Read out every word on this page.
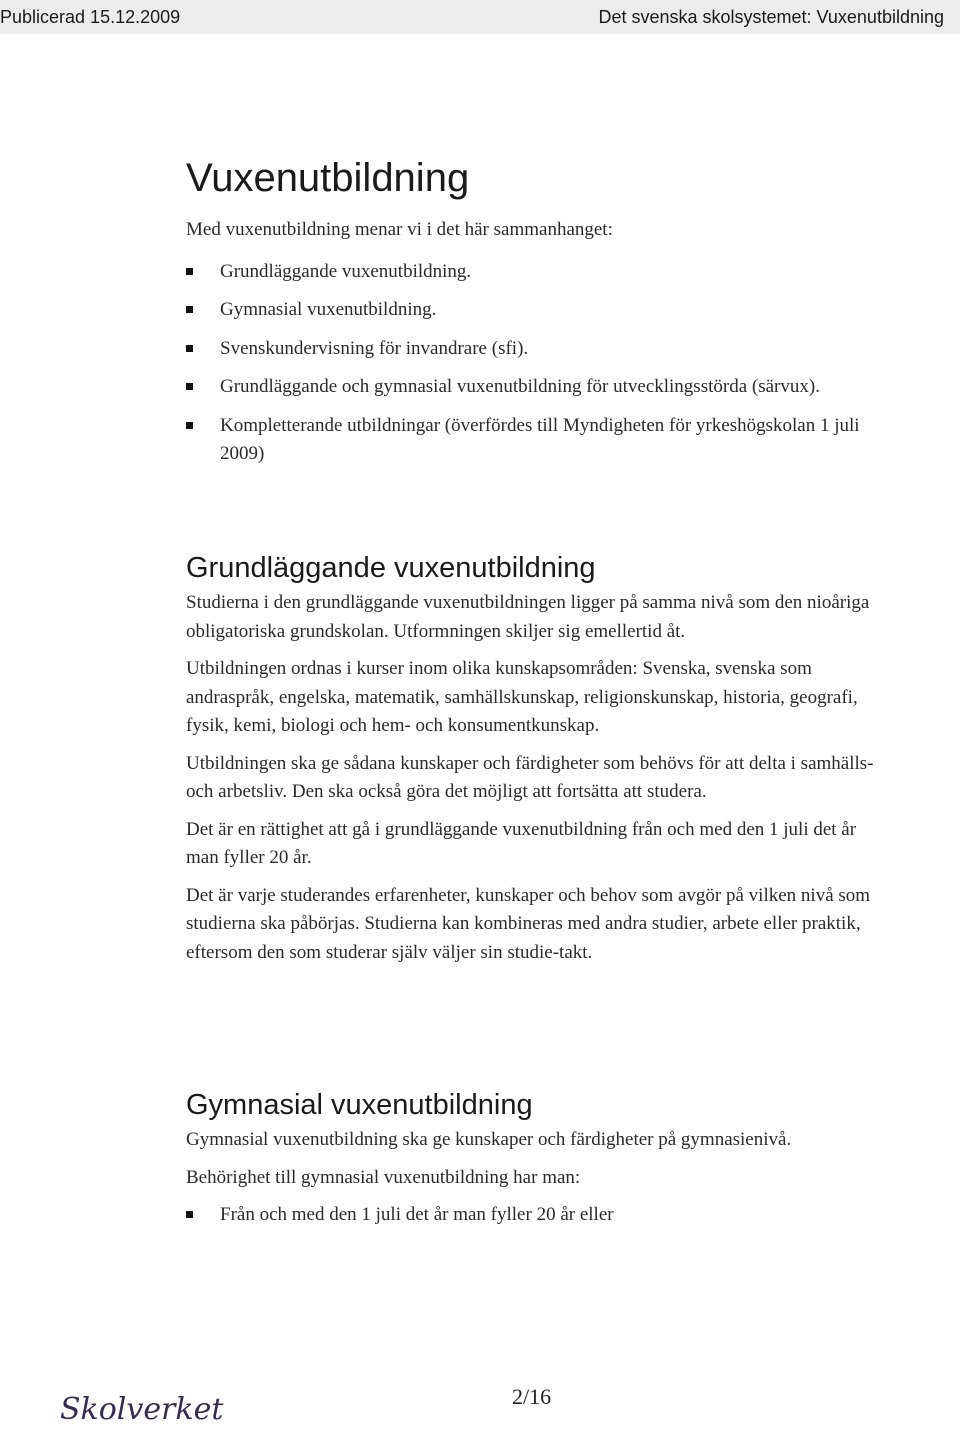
Publicerad 15.12.2009	Det svenska skolsystemet: Vuxenutbildning
Vuxenutbildning

Med vuxenutbildning menar vi i det här sammanhanget:

Grundläggande vuxenutbildning.
Gymnasial vuxenutbildning.
Svenskundervisning för invandrare (sfi).
Grundläggande och gymnasial vuxenutbildning för utvecklingsstörda (särvux).
Kompletterande utbildningar (överfördes till Myndigheten för yrkeshögskolan 1 juli 2009)
Grundläggande vuxenutbildning

Studierna i den grundläggande vuxenutbildningen ligger på samma nivå som den nioåriga obligatoriska grundskolan. Utformningen skiljer sig emellertid åt.

Utbildningen ordnas i kurser inom olika kunskapsområden: Svenska, svenska som andraspråk, engelska, matematik, samhällskunskap, religionskunskap, historia, geografi, fysik, kemi, biologi och hem- och konsumentkunskap.

Utbildningen ska ge sådana kunskaper och färdigheter som behövs för att delta i samhälls- och arbetsliv. Den ska också göra det möjligt att fortsätta att studera.

Det är en rättighet att gå i grundläggande vuxenutbildning från och med den 1 juli det år man fyller 20 år.

Det är varje studerandes erfarenheter, kunskaper och behov som avgör på vilken nivå som studierna ska påbörjas. Studierna kan kombineras med andra studier, arbete eller praktik, eftersom den som studerar själv väljer sin studie-takt.

Gymnasial vuxenutbildning

Gymnasial vuxenutbildning ska ge kunskaper och färdigheter på gymnasienivå.

Behörighet till gymnasial vuxenutbildning har man:

Från och med den 1 juli det år man fyller 20 år eller
Skolverket	2/16
